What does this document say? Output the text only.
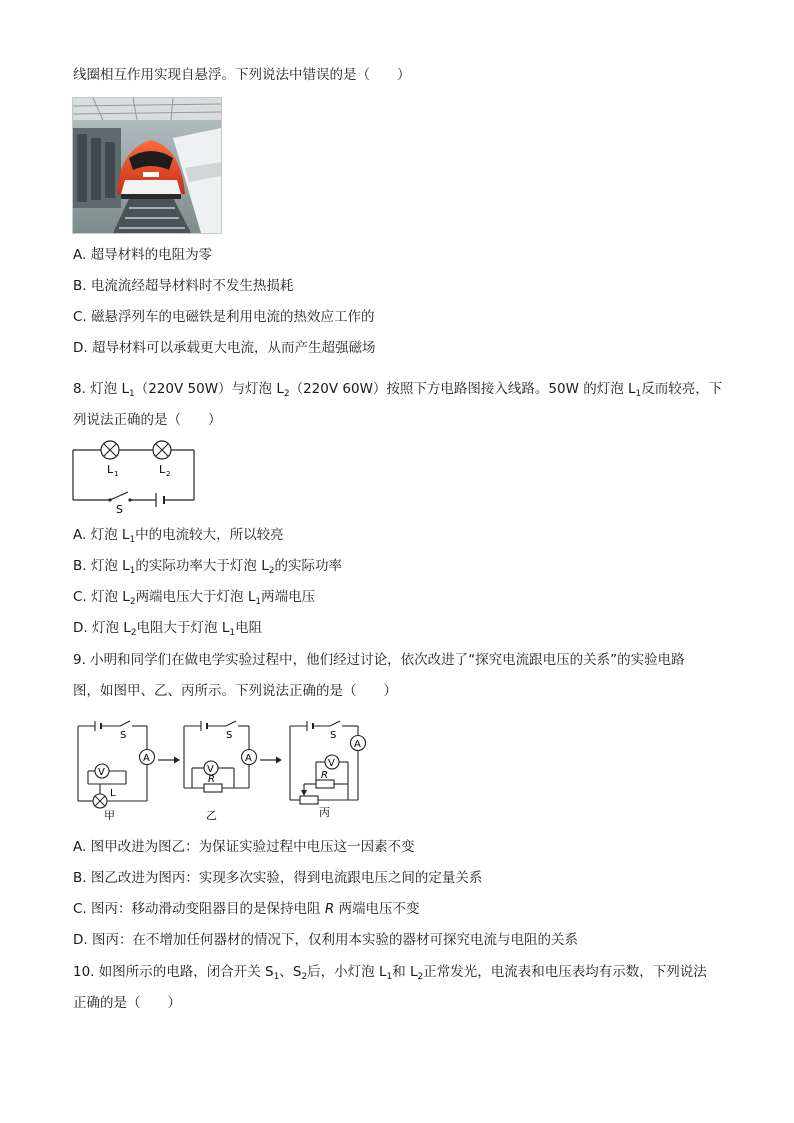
线圈相互作用实现自悬浮。下列说法中错误的是（　　）
A. 超导材料的电阻为零
B. 电流流经超导材料时不发生热损耗
C. 磁悬浮列车的电磁铁是利用电流的热效应工作的
D. 超导材料可以承载更大电流，从而产生超强磁场
8. 灯泡 $L_1(220V$ 50W）与灯泡 $L_2(220V$ 60W）按照下方电路图接入线路。50W 的灯泡 $L_1$反而较亮，下
列说法正确的是（　　）
L 1	L 2
S
A. 灯泡 $L_1$中的电流较大，所以较亮
B. 灯泡 $L_1$的实际功率大于灯泡 $L_2$的实际功率
C. 灯泡 $L_2$两端电压大于灯泡 $L_1$两端电压
D. 灯泡 $L_2$电阻大于灯泡 $L_1$电阻
9. 小明和同学们在做电学实验过程中，他们经过讨论，依次改进了“探究电流跟电压的关系”的实验电路
图，如图甲、乙、丙所示。下列说法正确的是（　　）
S	S	S
A	A
A
V	V
V
L
R	R
甲	乙	丙
A. 图甲改进为图乙：为保证实验过程中电压这一因素不变
B. 图乙改进为图丙：实现多次实验，得到电流跟电压之间的定量关系
C. 图丙：移动滑动变阻器目的是保持电阻 R 两端电压不变
D. 图丙：在不增加任何器材的情况下，仅利用本实验的器材可探究电流与电阻的关系
10. 如图所示的电路，闭合开关 $S_1$、$S_2$后，小灯泡 $L_1$和 $L_2$正常发光，电流表和电压表均有示数，下列说法
正确的是（　　）
